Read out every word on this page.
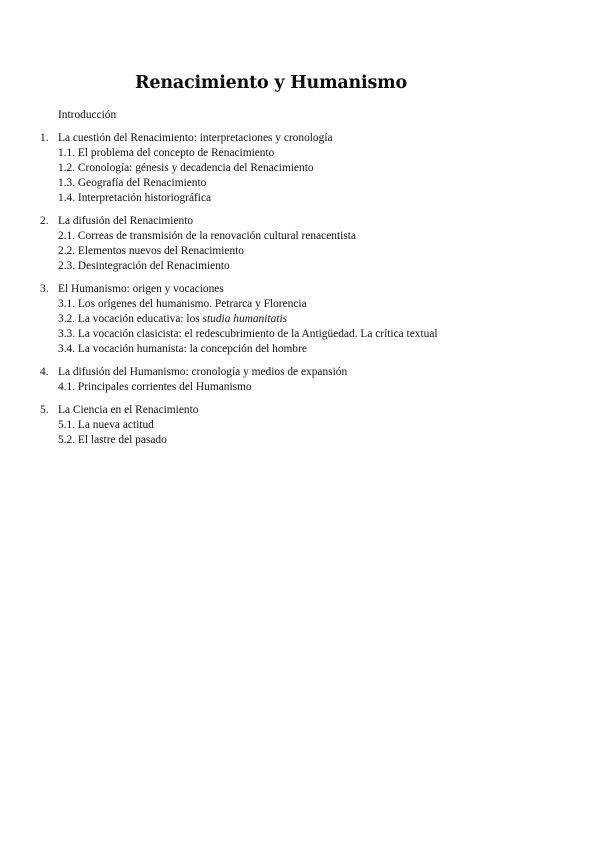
Renacimiento y Humanismo
Introducción
1. La cuestión del Renacimiento: interpretaciones y cronología
1.1. El problema del concepto de Renacimiento
1.2. Cronología: génesis y decadencia del Renacimiento
1.3. Geografía del Renacimiento
1.4. Interpretación historiográfica
2. La difusión del Renacimiento
2.1. Correas de transmisión de la renovación cultural renacentista
2.2. Elementos nuevos del Renacimiento
2.3. Desintegración del Renacimiento
3. El Humanismo: origen y vocaciones
3.1. Los orígenes del humanismo. Petrarca y Florencia
3.2. La vocación educativa: los studia humanitatis
3.3. La vocación clasicista: el redescubrimiento de la Antigüedad. La crítica textual
3.4. La vocación humanista: la concepción del hombre
4. La difusión del Humanismo: cronología y medios de expansión
4.1. Principales corrientes del Humanismo
5. La Ciencia en el Renacimiento
5.1. La nueva actitud
5.2. El lastre del pasado
